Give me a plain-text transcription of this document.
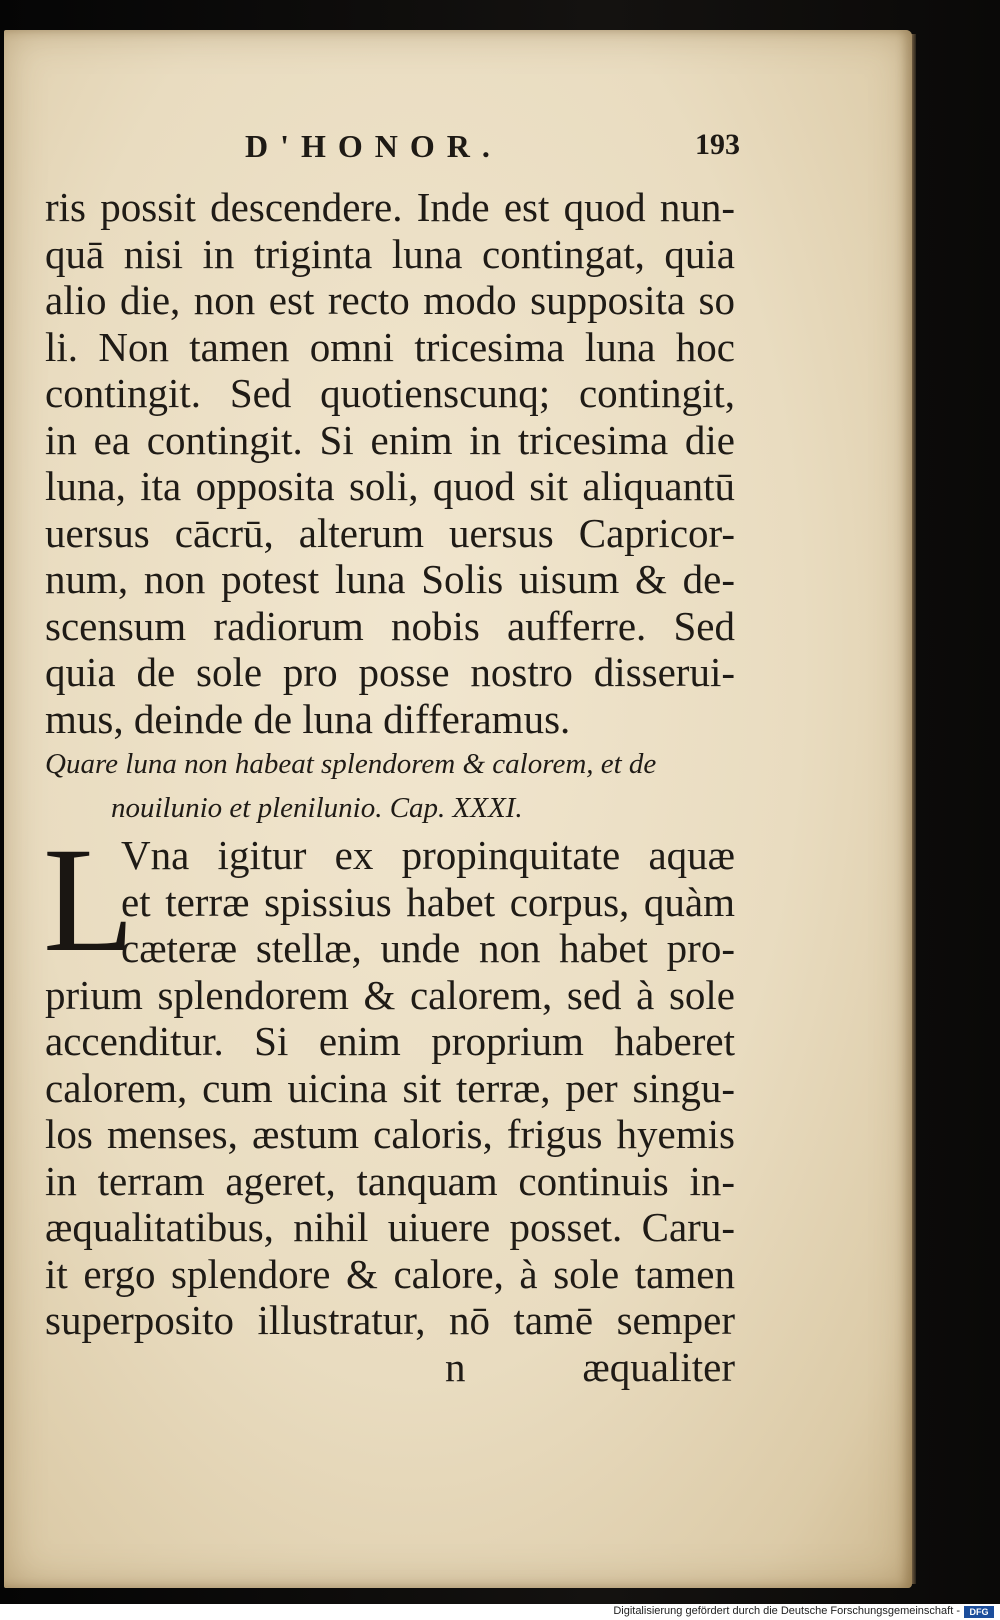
D'HONOR.	193
ris possit descendere. Inde est quod nun-
quā nisi in triginta luna contingat, quia
alio die, non est recto modo supposita so
li. Non tamen omni tricesima luna hoc
contingit. Sed quotienscunq; contingit,
in ea contingit. Si enim in tricesima die
luna, ita opposita soli, quod sit aliquantū
uersus cācrū, alterum uersus Capricor-
num, non potest luna Solis uisum & de-
scensum radiorum nobis aufferre. Sed
quia de sole pro posse nostro disserui-
mus, deinde de luna differamus.
Quare luna non habeat splendorem & calorem, et de
nouilunio et plenilunio. Cap. XXXI.
L
Vna igitur ex propinquitate aquæ
et terræ spissius habet corpus, quàm
cæteræ stellæ, unde non habet pro-
prium splendorem & calorem, sed à sole
accenditur. Si enim proprium haberet
calorem, cum uicina sit terræ, per singu-
los menses, æstum caloris, frigus hyemis
in terram ageret, tanquam continuis in-
æqualitatibus, nihil uiuere posset. Caru-
it ergo splendore & calore, à sole tamen
superposito illustratur, nō tamē semper
n	æqualiter
Digitalisierung gefördert durch die Deutsche Forschungsgemeinschaft -	DFG
